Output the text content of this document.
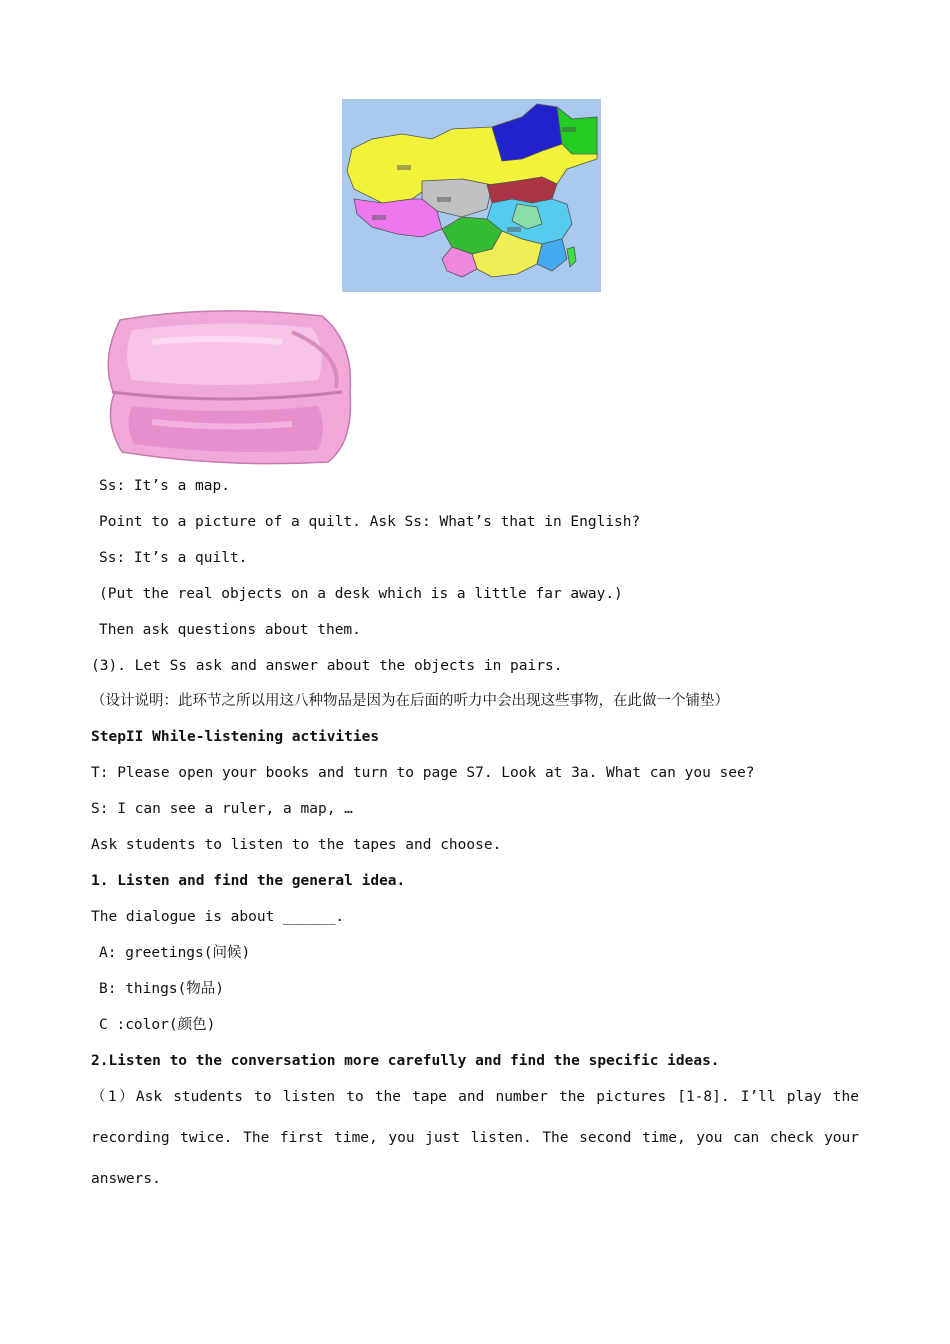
Ss: It’s a map.
Point to a picture of a quilt. Ask Ss: What’s that in English?
Ss: It’s a quilt.
(Put the real objects on a desk which is a little far away.)
Then ask questions about them.
(3). Let Ss ask and answer about the objects in pairs.
（设计说明：此环节之所以用这八种物品是因为在后面的听力中会出现这些事物，在此做一个铺垫）
StepII While-listening activities
T: Please open your books and turn to page S7. Look at 3a. What can you see?
S: I can see a ruler, a map, …
Ask students to listen to the tapes and choose.
1. Listen and find the general idea.
The dialogue is about ______.
A: greetings(问候)
B: things(物品)
C :color(颜色)
2.Listen to the conversation more carefully and find the specific ideas.
（1）Ask students to listen to the tape and number the pictures [1-8]. I’ll play the
recording twice. The first time, you just listen. The second time, you can check your
answers.
